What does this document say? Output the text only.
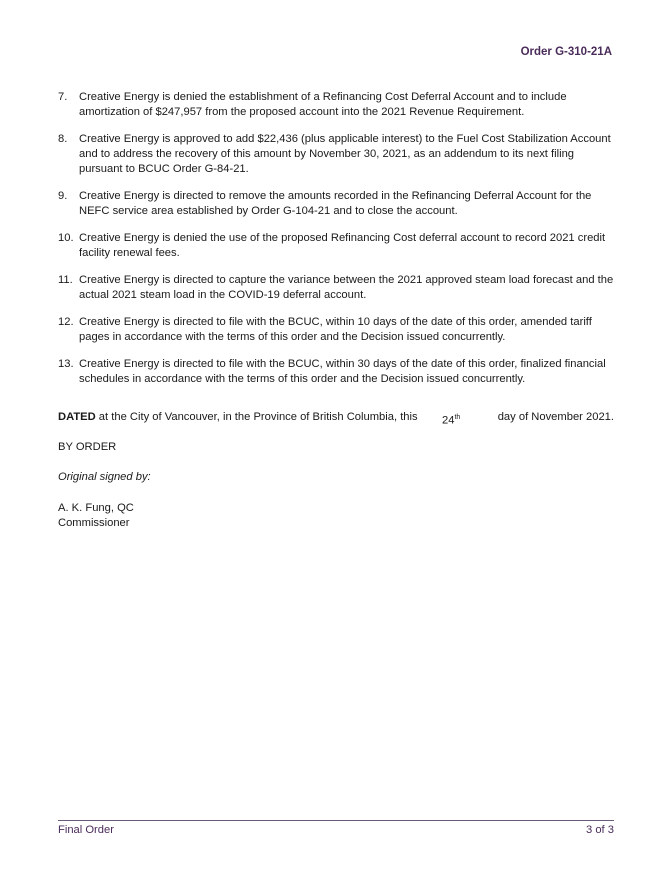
Order G-310-21A
7. Creative Energy is denied the establishment of a Refinancing Cost Deferral Account and to include amortization of $247,957 from the proposed account into the 2021 Revenue Requirement.
8. Creative Energy is approved to add $22,436 (plus applicable interest) to the Fuel Cost Stabilization Account and to address the recovery of this amount by November 30, 2021, as an addendum to its next filing pursuant to BCUC Order G-84-21.
9. Creative Energy is directed to remove the amounts recorded in the Refinancing Deferral Account for the NEFC service area established by Order G-104-21 and to close the account.
10. Creative Energy is denied the use of the proposed Refinancing Cost deferral account to record 2021 credit facility renewal fees.
11. Creative Energy is directed to capture the variance between the 2021 approved steam load forecast and the actual 2021 steam load in the COVID-19 deferral account.
12. Creative Energy is directed to file with the BCUC, within 10 days of the date of this order, amended tariff pages in accordance with the terms of this order and the Decision issued concurrently.
13. Creative Energy is directed to file with the BCUC, within 30 days of the date of this order, finalized financial schedules in accordance with the terms of this order and the Decision issued concurrently.
DATED at the City of Vancouver, in the Province of British Columbia, this 24th	day of November 2021.
BY ORDER
Original signed by:
A. K. Fung, QC
Commissioner
Final Order	3 of 3
